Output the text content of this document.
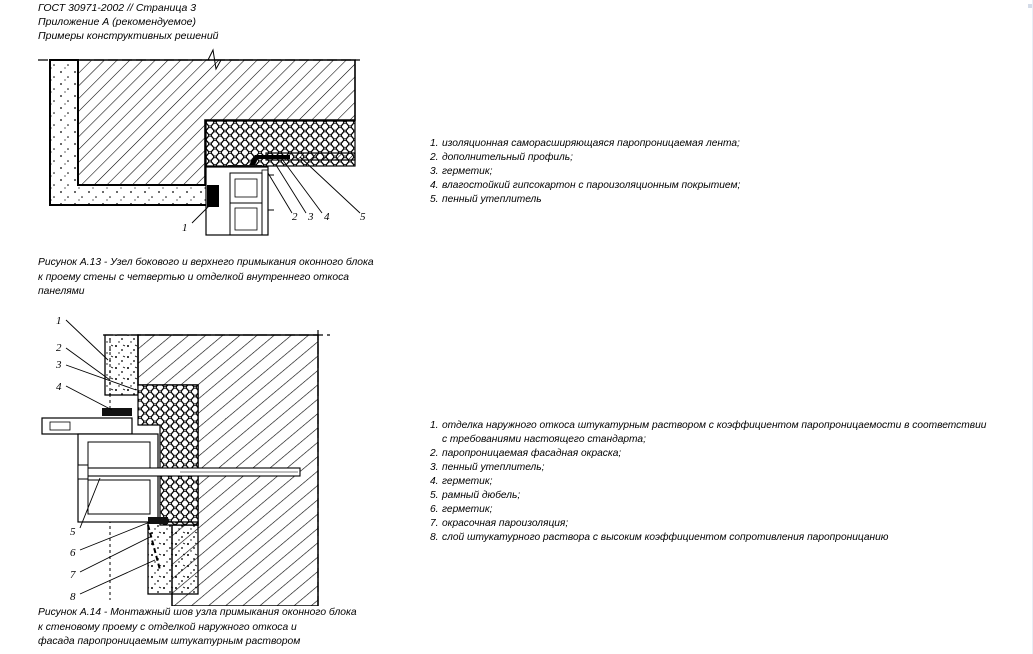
ГОСТ 30971-2002 // Страница 3
Приложение А (рекомендуемое)
Примеры конструктивных решений
1
2 3 4	5
Рисунок А.13 - Узел бокового и верхнего примыкания оконного блока
к проему стены с четвертью и отделкой внутреннего откоса
панелями
1. изоляционная саморасширяющаяся паропроницаемая лента;
2. дополнительный профиль;
3. герметик;
4. влагостойкий гипсокартон с пароизоляционным покрытием;
5. пенный утеплитель
1
2
3
4
5
6
7
8
Рисунок А.14 - Монтажный шов узла примыкания оконного блока
к стеновому проему с отделкой наружного откоса и
фасада паропроницаемым штукатурным раствором
1. отделка наружного откоса штукатурным раствором с коэффициентом паропроницаемости в соответствии
с требованиями настоящего стандарта;
2. паропроницаемая фасадная окраска;
3. пенный утеплитель;
4. герметик;
5. рамный дюбель;
6. герметик;
7. окрасочная пароизоляция;
8. слой штукатурного раствора с высоким коэффициентом сопротивления паропроницанию
